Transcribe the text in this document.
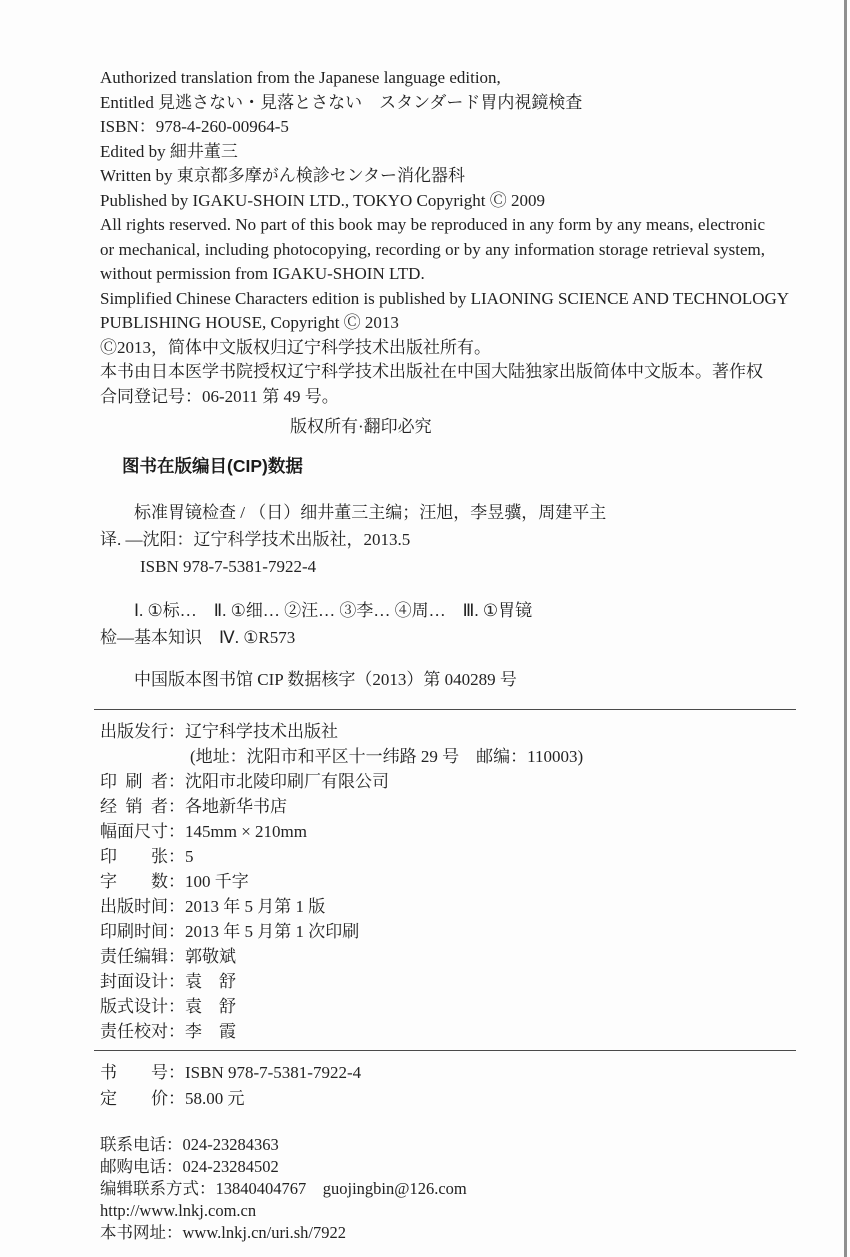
Authorized translation from the Japanese language edition,
Entitled 見逃さない・見落とさない　スタンダード胃内視鏡検査
ISBN：978-4-260-00964-5
Edited by 細井董三
Written by 東京都多摩がん検診センター消化器科
Published by IGAKU-SHOIN LTD., TOKYO Copyright Ⓒ 2009
All rights reserved. No part of this book may be reproduced in any form by any means, electronic
or mechanical, including photocopying, recording or by any information storage retrieval system,
without permission from IGAKU-SHOIN LTD.
Simplified Chinese Characters edition is published by LIAONING SCIENCE AND TECHNOLOGY
PUBLISHING HOUSE, Copyright Ⓒ 2013
Ⓒ2013，简体中文版权归辽宁科学技术出版社所有。
本书由日本医学书院授权辽宁科学技术出版社在中国大陆独家出版简体中文版本。著作权
合同登记号：06-2011 第 49 号。
版权所有·翻印必究
图书在版编目(CIP)数据
标准胃镜检查 / （日）细井董三主编；汪旭，李昱骥，周建平主
译. —沈阳：辽宁科学技术出版社，2013.5
ISBN 978-7-5381-7922-4
Ⅰ. ①标…　Ⅱ. ①细… ②汪… ③李… ④周…　Ⅲ. ①胃镜
检—基本知识　Ⅳ. ①R573
中国版本图书馆 CIP 数据核字（2013）第 040289 号
出版发行：辽宁科学技术出版社
(地址：沈阳市和平区十一纬路 29 号　邮编：110003)
印刷者：沈阳市北陵印刷厂有限公司
经销者：各地新华书店
幅面尺寸：145mm × 210mm
印张：5
字数：100 千字
出版时间：2013 年 5 月第 1 版
印刷时间：2013 年 5 月第 1 次印刷
责任编辑：郭敬斌
封面设计：袁　舒
版式设计：袁　舒
责任校对：李　霞
书号：ISBN 978-7-5381-7922-4
定价：58.00 元
联系电话：024-23284363
邮购电话：024-23284502
编辑联系方式：13840404767　guojingbin@126.com
http://www.lnkj.com.cn
本书网址：www.lnkj.cn/uri.sh/7922
